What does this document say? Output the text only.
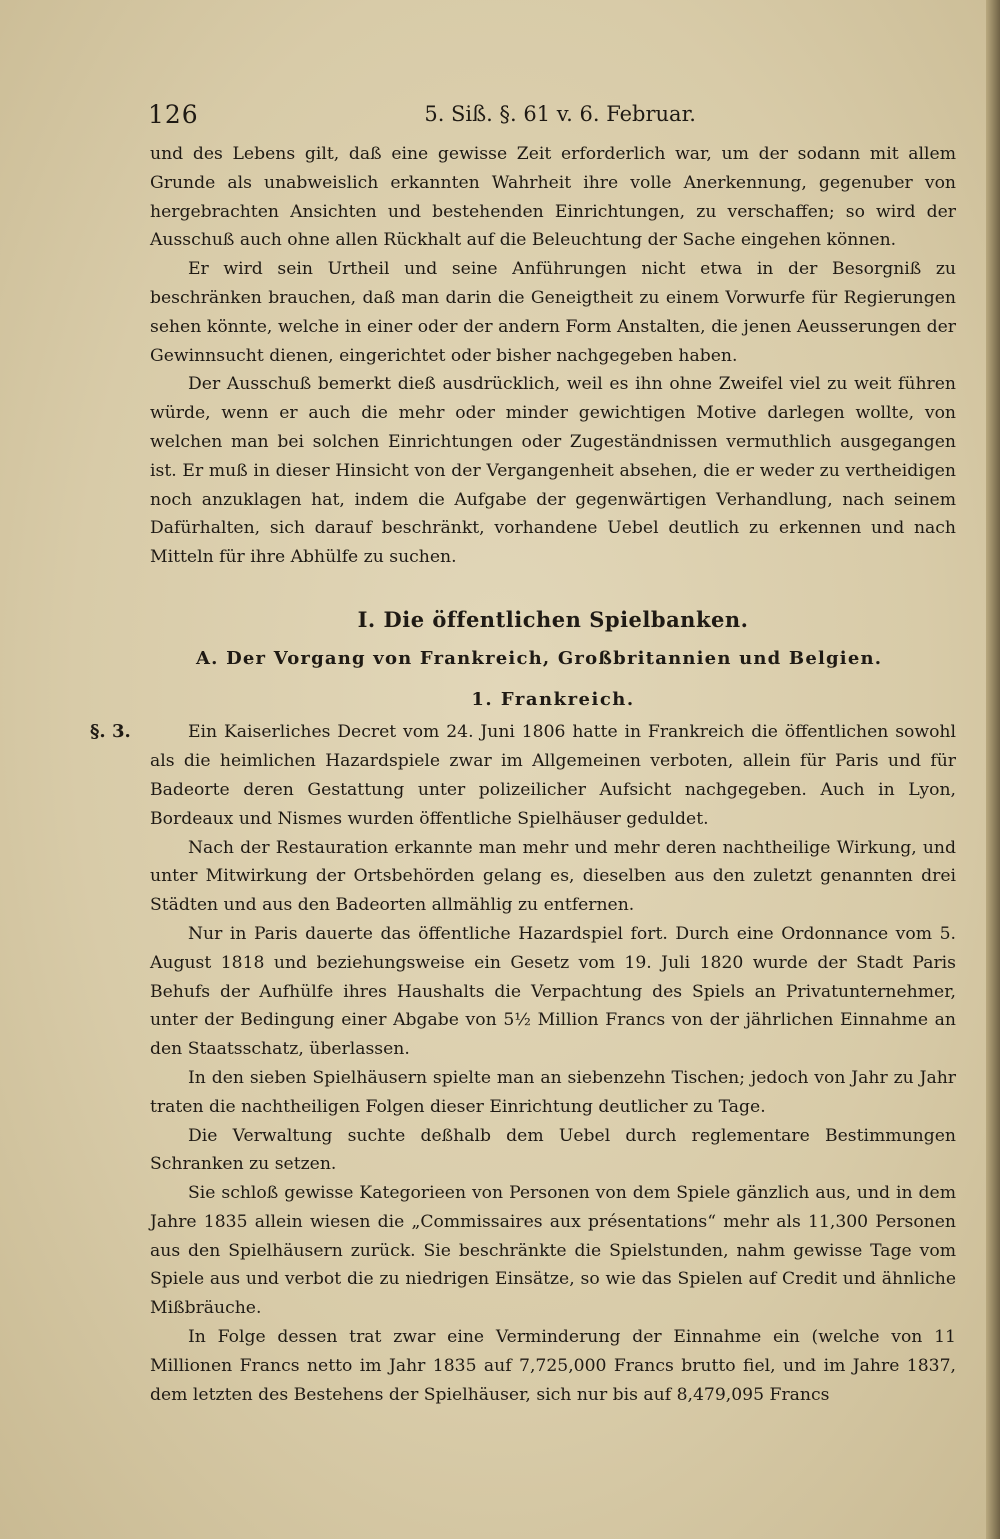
126	5. Siß. §. 61 v. 6. Februar.

und des Lebens gilt, daß eine gewisse Zeit erforderlich war, um der sodann mit allem Grunde als unabweislich erkannten Wahrheit ihre volle Anerkennung, gegenuber von hergebrachten Ansichten und bestehenden Einrichtungen, zu verschaffen; so wird der Ausschuß auch ohne allen Rückhalt auf die Beleuchtung der Sache eingehen können.

Er wird sein Urtheil und seine Anführungen nicht etwa in der Besorgniß zu beschränken brauchen, daß man darin die Geneigtheit zu einem Vorwurfe für Regierungen sehen könnte, welche in einer oder der andern Form Anstalten, die jenen Aeusserungen der Gewinnsucht dienen, eingerichtet oder bisher nachgegeben haben.

Der Ausschuß bemerkt dieß ausdrücklich, weil es ihn ohne Zweifel viel zu weit führen würde, wenn er auch die mehr oder minder gewichtigen Motive darlegen wollte, von welchen man bei solchen Einrichtungen oder Zugeständnissen vermuthlich ausgegangen ist. Er muß in dieser Hinsicht von der Vergangenheit absehen, die er weder zu vertheidigen noch anzuklagen hat, indem die Aufgabe der gegenwärtigen Verhandlung, nach seinem Dafürhalten, sich darauf beschränkt, vorhandene Uebel deutlich zu erkennen und nach Mitteln für ihre Abhülfe zu suchen.

I. Die öffentlichen Spielbanken.
A. Der Vorgang von Frankreich, Großbritannien und Belgien.
1. Frankreich.
§. 3.	Ein Kaiserliches Decret vom 24. Juni 1806 hatte in Frankreich die öffentlichen sowohl als die heimlichen Hazardspiele zwar im Allgemeinen verboten, allein für Paris und für Badeorte deren Gestattung unter polizeilicher Aufsicht nachgegeben. Auch in Lyon, Bordeaux und Nismes wurden öffentliche Spielhäuser geduldet.

Nach der Restauration erkannte man mehr und mehr deren nachtheilige Wirkung, und unter Mitwirkung der Ortsbehörden gelang es, dieselben aus den zuletzt genannten drei Städten und aus den Badeorten allmählig zu entfernen.

Nur in Paris dauerte das öffentliche Hazardspiel fort. Durch eine Ordonnance vom 5. August 1818 und beziehungsweise ein Gesetz vom 19. Juli 1820 wurde der Stadt Paris Behufs der Aufhülfe ihres Haushalts die Verpachtung des Spiels an Privatunternehmer, unter der Bedingung einer Abgabe von 5½ Million Francs von der jährlichen Einnahme an den Staatsschatz, überlassen.

In den sieben Spielhäusern spielte man an siebenzehn Tischen; jedoch von Jahr zu Jahr traten die nachtheiligen Folgen dieser Einrichtung deutlicher zu Tage.

Die Verwaltung suchte deßhalb dem Uebel durch reglementare Bestimmungen Schranken zu setzen.

Sie schloß gewisse Kategorieen von Personen von dem Spiele gänzlich aus, und in dem Jahre 1835 allein wiesen die „Commissaires aux présentations“ mehr als 11,300 Personen aus den Spielhäusern zurück. Sie beschränkte die Spielstunden, nahm gewisse Tage vom Spiele aus und verbot die zu niedrigen Einsätze, so wie das Spielen auf Credit und ähnliche Mißbräuche.

In Folge dessen trat zwar eine Verminderung der Einnahme ein (welche von 11 Millionen Francs netto im Jahr 1835 auf 7,725,000 Francs brutto fiel, und im Jahre 1837, dem letzten des Bestehens der Spielhäuser, sich nur bis auf 8,479,095 Francs
